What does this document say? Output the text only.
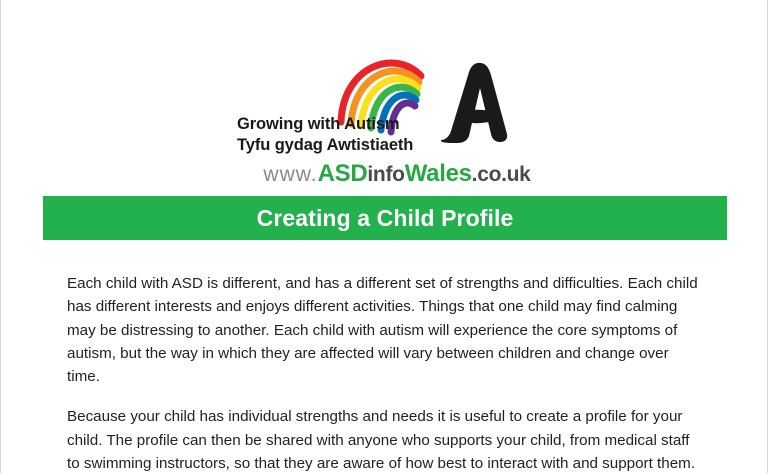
Growing with Autism
Tyfu gydag Awtistiaeth
www.ASDinfoWales.co.uk
Creating a Child Profile

Each child with ASD is different, and has a different set of strengths and difficulties. Each child has different interests and enjoys different activities. Things that one child may find calming may be distressing to another. Each child with autism will experience the core symptoms of autism, but the way in which they are affected will vary between children and change over time.

Because your child has individual strengths and needs it is useful to create a profile for your child. The profile can then be shared with anyone who supports your child, from medical staff to swimming instructors, so that they are aware of how best to interact with and support them.
